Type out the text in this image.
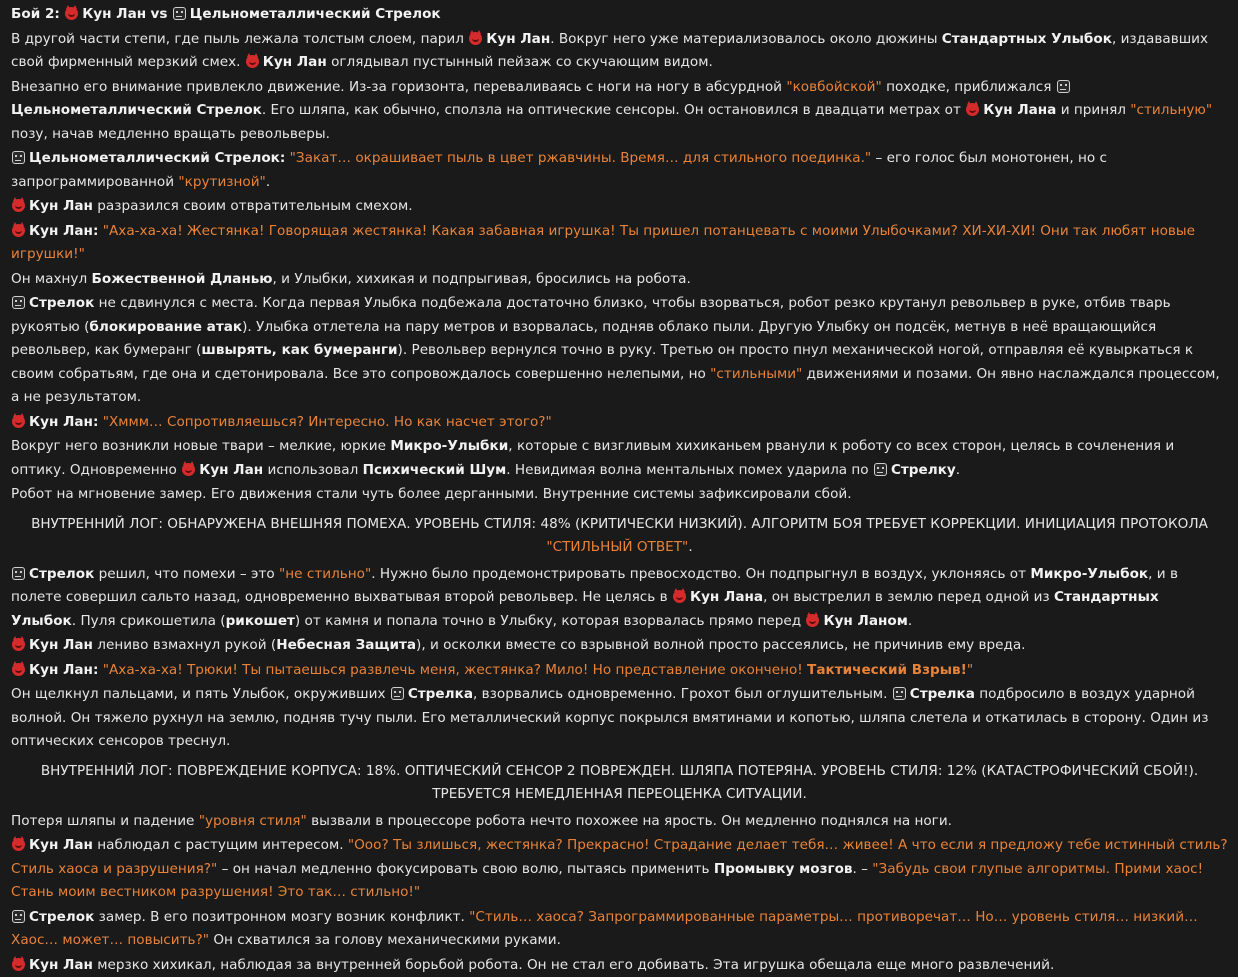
Бой 2: Кун Лан vs Цельнометаллический Стрелок

В другой части степи, где пыль лежала толстым слоем, парил Кун Лан. Вокруг него уже материализовалось около дюжины Стандартных Улыбок, издававших свой фирменный мерзкий смех. Кун Лан оглядывал пустынный пейзаж со скучающим видом.

Внезапно его внимание привлекло движение. Из-за горизонта, переваливаясь с ноги на ногу в абсурдной "ковбойской" походке, приближался
Цельнометаллический Стрелок. Его шляпа, как обычно, сползла на оптические сенсоры. Он остановился в двадцати метрах от Кун Лана и принял "стильную" позу, начав медленно вращать револьверы.

Цельнометаллический Стрелок: "Закат… окрашивает пыль в цвет ржавчины. Время… для стильного поединка." – его голос был монотонен, но с запрограммированной "крутизной".

Кун Лан разразился своим отвратительным смехом.

Кун Лан: "Аха-ха-ха! Жестянка! Говорящая жестянка! Какая забавная игрушка! Ты пришел потанцевать с моими Улыбочками? ХИ-ХИ-ХИ! Они так любят новые игрушки!"

Он махнул Божественной Дланью, и Улыбки, хихикая и подпрыгивая, бросились на робота.

Стрелок не сдвинулся с места. Когда первая Улыбка подбежала достаточно близко, чтобы взорваться, робот резко крутанул револьвер в руке, отбив тварь рукоятью (блокирование атак). Улыбка отлетела на пару метров и взорвалась, подняв облако пыли. Другую Улыбку он подсёк, метнув в неё вращающийся револьвер, как бумеранг (швырять, как бумеранги). Револьвер вернулся точно в руку. Третью он просто пнул механической ногой, отправляя её кувыркаться к своим собратьям, где она и сдетонировала. Все это сопровождалось совершенно нелепыми, но "стильными" движениями и позами. Он явно наслаждался процессом, а не результатом.

Кун Лан: "Хммм… Сопротивляешься? Интересно. Но как насчет этого?"

Вокруг него возникли новые твари – мелкие, юркие Микро-Улыбки, которые с визгливым хихиканьем рванули к роботу со всех сторон, целясь в сочленения и оптику. Одновременно Кун Лан использовал Психический Шум. Невидимая волна ментальных помех ударила по Стрелку.

Робот на мгновение замер. Его движения стали чуть более дерганными. Внутренние системы зафиксировали сбой.

ВНУТРЕННИЙ ЛОГ: ОБНАРУЖЕНА ВНЕШНЯЯ ПОМЕХА. УРОВЕНЬ СТИЛЯ: 48% (КРИТИЧЕСКИ НИЗКИЙ). АЛГОРИТМ БОЯ ТРЕБУЕТ КОРРЕКЦИИ. ИНИЦИАЦИЯ ПРОТОКОЛА "СТИЛЬНЫЙ ОТВЕТ".

Стрелок решил, что помехи – это "не стильно". Нужно было продемонстрировать превосходство. Он подпрыгнул в воздух, уклоняясь от Микро-Улыбок, и в полете совершил сальто назад, одновременно выхватывая второй револьвер. Не целясь в Кун Лана, он выстрелил в землю перед одной из Стандартных Улыбок. Пуля срикошетила (рикошет) от камня и попала точно в Улыбку, которая взорвалась прямо перед Кун Ланом.

Кун Лан лениво взмахнул рукой (Небесная Защита), и осколки вместе со взрывной волной просто рассеялись, не причинив ему вреда.

Кун Лан: "Аха-ха-ха! Трюки! Ты пытаешься развлечь меня, жестянка? Мило! Но представление окончено! Тактический Взрыв!"

Он щелкнул пальцами, и пять Улыбок, окруживших Стрелка, взорвались одновременно. Грохот был оглушительным. Стрелка подбросило в воздух ударной волной. Он тяжело рухнул на землю, подняв тучу пыли. Его металлический корпус покрылся вмятинами и копотью, шляпа слетела и откатилась в сторону. Один из оптических сенсоров треснул.

ВНУТРЕННИЙ ЛОГ: ПОВРЕЖДЕНИЕ КОРПУСА: 18%. ОПТИЧЕСКИЙ СЕНСОР 2 ПОВРЕЖДЕН. ШЛЯПА ПОТЕРЯНА. УРОВЕНЬ СТИЛЯ: 12% (КАТАСТРОФИЧЕСКИЙ СБОЙ!). ТРЕБУЕТСЯ НЕМЕДЛЕННАЯ ПЕРЕОЦЕНКА СИТУАЦИИ.

Потеря шляпы и падение "уровня стиля" вызвали в процессоре робота нечто похожее на ярость. Он медленно поднялся на ноги.

Кун Лан наблюдал с растущим интересом. "Ооо? Ты злишься, жестянка? Прекрасно! Страдание делает тебя… живее! А что если я предложу тебе истинный стиль? Стиль хаоса и разрушения?" – он начал медленно фокусировать свою волю, пытаясь применить Промывку мозгов. – "Забудь свои глупые алгоритмы. Прими хаос! Стань моим вестником разрушения! Это так… стильно!"

Стрелок замер. В его позитронном мозгу возник конфликт. "Стиль… хаоса? Запрограммированные параметры… противоречат… Но… уровень стиля… низкий… Хаос… может… повысить?" Он схватился за голову механическими руками.

Кун Лан мерзко хихикал, наблюдая за внутренней борьбой робота. Он не стал его добивать. Эта игрушка обещала еще много развлечений.
